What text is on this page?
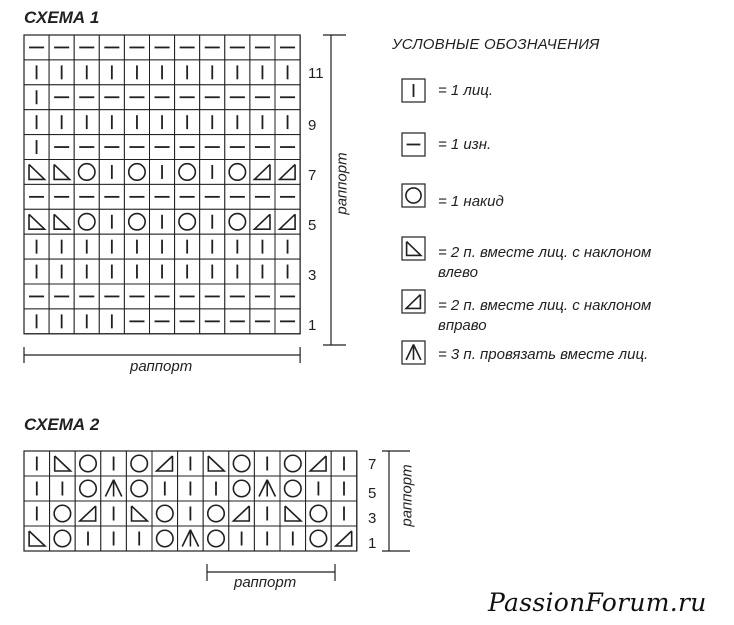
СХЕМА 1
СХЕМА 2
11
9
7
5
3
1
раппорт
раппорт
7
5
3
1
раппорт
раппорт
УСЛОВНЫЕ ОБОЗНАЧЕНИЯ
= 1 лиц.
= 1 изн.
= 1 накид
= 2 п. вместе лиц. с наклоном
влево
= 2 п. вместе лиц. с наклоном
вправо
= 3 п. провязать вместе лиц.
PassionForum.ru
